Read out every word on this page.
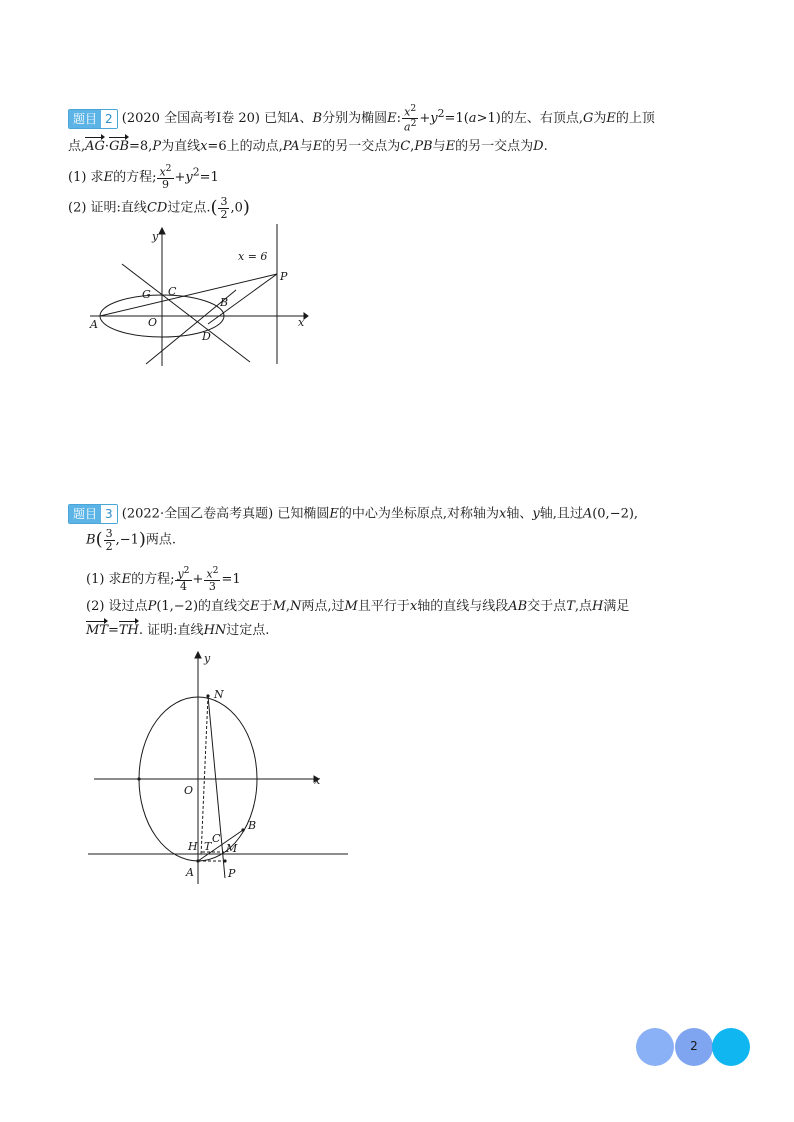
题目 2 (2020 全国高考Ⅰ卷 20) 已知A、B分别为椭圆E: $\frac{x^2}{a^2} +y^2=1(a>1)$的左、右顶点,G为E的上顶
点,AG·GB=8,P为直线x=6上的动点,PA与E的另一交点为C,PB与E的另一交点为D.
(1) 求E的方程; $\frac{x^2}{9} +y^2=1$
(2) 证明:直线CD过定点.( $\frac{3}{2} ,0$)
x = 6
P
A	O
G C
B
D
y
x
题目 3 (2022·全国乙卷高考真题) 已知椭圆E的中心为坐标原点,对称轴为x轴、y轴,且过A(0,−2),
$B( \frac{3}{2} ,-1)$两点.
(1) 求E的方程; $\frac{y^2}{4} + \frac{x^2}{3} =1$
(2) 设过点P(1,−2)的直线交E于M,N两点,过M且平行于x轴的直线与线段AB交于点T,点H满足
MT=TH. 证明:直线HN过定点.
N
B
O
y
x
H T
C
M
A	P
2
